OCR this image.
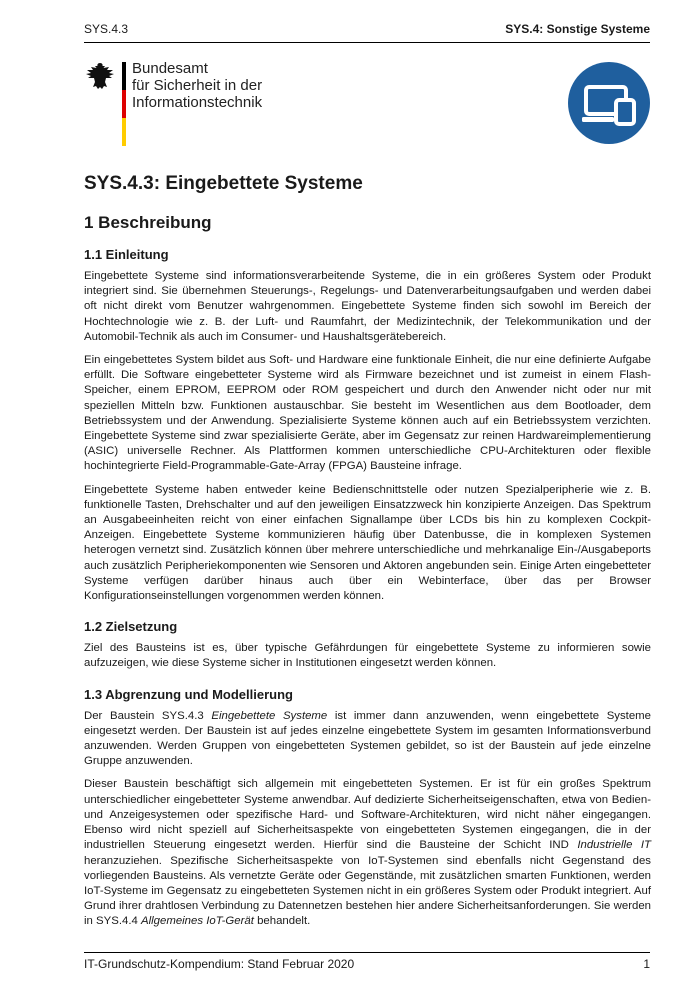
SYS.4.3	SYS.4: Sonstige Systeme
Bundesamt
für Sicherheit in der
Informationstechnik
SYS.4.3: Eingebettete Systeme
1 Beschreibung
1.1 Einleitung

Eingebettete Systeme sind informationsverarbeitende Systeme, die in ein größeres System oder Produkt integriert sind. Sie übernehmen Steuerungs-, Regelungs- und Datenverarbeitungsaufgaben und werden dabei oft nicht direkt vom Benutzer wahrgenommen. Eingebettete Systeme finden sich sowohl im Bereich der Hochtechnologie wie z. B. der Luft- und Raumfahrt, der Medizintechnik, der Telekommunikation und der Automobil-Technik als auch im Consumer- und Haushaltsgerätebereich.

Ein eingebettetes System bildet aus Soft- und Hardware eine funktionale Einheit, die nur eine definierte Aufgabe erfüllt. Die Software eingebetteter Systeme wird als Firmware bezeichnet und ist zumeist in einem Flash-Speicher, einem EPROM, EEPROM oder ROM gespeichert und durch den Anwender nicht oder nur mit speziellen Mitteln bzw. Funktionen austauschbar. Sie besteht im Wesentlichen aus dem Bootloader, dem Betriebssystem und der Anwendung. Spezialisierte Systeme können auch auf ein Betriebssystem verzichten. Eingebettete Systeme sind zwar spezialisierte Geräte, aber im Gegensatz zur reinen Hardwareimplementierung (ASIC) universelle Rechner. Als Plattformen kommen unterschiedliche CPU-Architekturen oder flexible hochintegrierte Field-Programmable-Gate-Array (FPGA) Bausteine infrage.

Eingebettete Systeme haben entweder keine Bedienschnittstelle oder nutzen Spezialperipherie wie z. B. funktionelle Tasten, Drehschalter und auf den jeweiligen Einsatzzweck hin konzipierte Anzeigen. Das Spektrum an Ausgabeeinheiten reicht von einer einfachen Signallampe über LCDs bis hin zu komplexen Cockpit-Anzeigen. Eingebettete Systeme kommunizieren häufig über Datenbusse, die in komplexen Systemen heterogen vernetzt sind. Zusätzlich können über mehrere unterschiedliche und mehrkanalige Ein-/Ausgabeports auch zusätzlich Peripheriekomponenten wie Sensoren und Aktoren angebunden sein. Einige Arten eingebetteter Systeme verfügen darüber hinaus auch über ein Webinterface, über das per Browser Konfigurationseinstellungen vorgenommen werden können.

1.2 Zielsetzung

Ziel des Bausteins ist es, über typische Gefährdungen für eingebettete Systeme zu informieren sowie aufzuzeigen, wie diese Systeme sicher in Institutionen eingesetzt werden können.

1.3 Abgrenzung und Modellierung

Der Baustein SYS.4.3 Eingebettete Systeme ist immer dann anzuwenden, wenn eingebettete Systeme eingesetzt werden. Der Baustein ist auf jedes einzelne eingebettete System im gesamten Informationsverbund anzuwenden. Werden Gruppen von eingebetteten Systemen gebildet, so ist der Baustein auf jede einzelne Gruppe anzuwenden.

Dieser Baustein beschäftigt sich allgemein mit eingebetteten Systemen. Er ist für ein großes Spektrum unterschiedlicher eingebetteter Systeme anwendbar. Auf dedizierte Sicherheitseigenschaften, etwa von Bedien- und Anzeigesystemen oder spezifische Hard- und Software-Architekturen, wird nicht näher eingegangen. Ebenso wird nicht speziell auf Sicherheitsaspekte von eingebetteten Systemen eingegangen, die in der industriellen Steuerung eingesetzt werden. Hierfür sind die Bausteine der Schicht IND Industrielle IT heranzuziehen. Spezifische Sicherheitsaspekte von IoT-Systemen sind ebenfalls nicht Gegenstand des vorliegenden Bausteins. Als vernetzte Geräte oder Gegenstände, mit zusätzlichen smarten Funktionen, werden IoT-Systeme im Gegensatz zu eingebetteten Systemen nicht in ein größeres System oder Produkt integriert. Auf Grund ihrer drahtlosen Verbindung zu Datennetzen bestehen hier andere Sicherheitsanforderungen. Sie werden in SYS.4.4 Allgemeines IoT-Gerät behandelt.

IT-Grundschutz-Kompendium: Stand Februar 2020	1
